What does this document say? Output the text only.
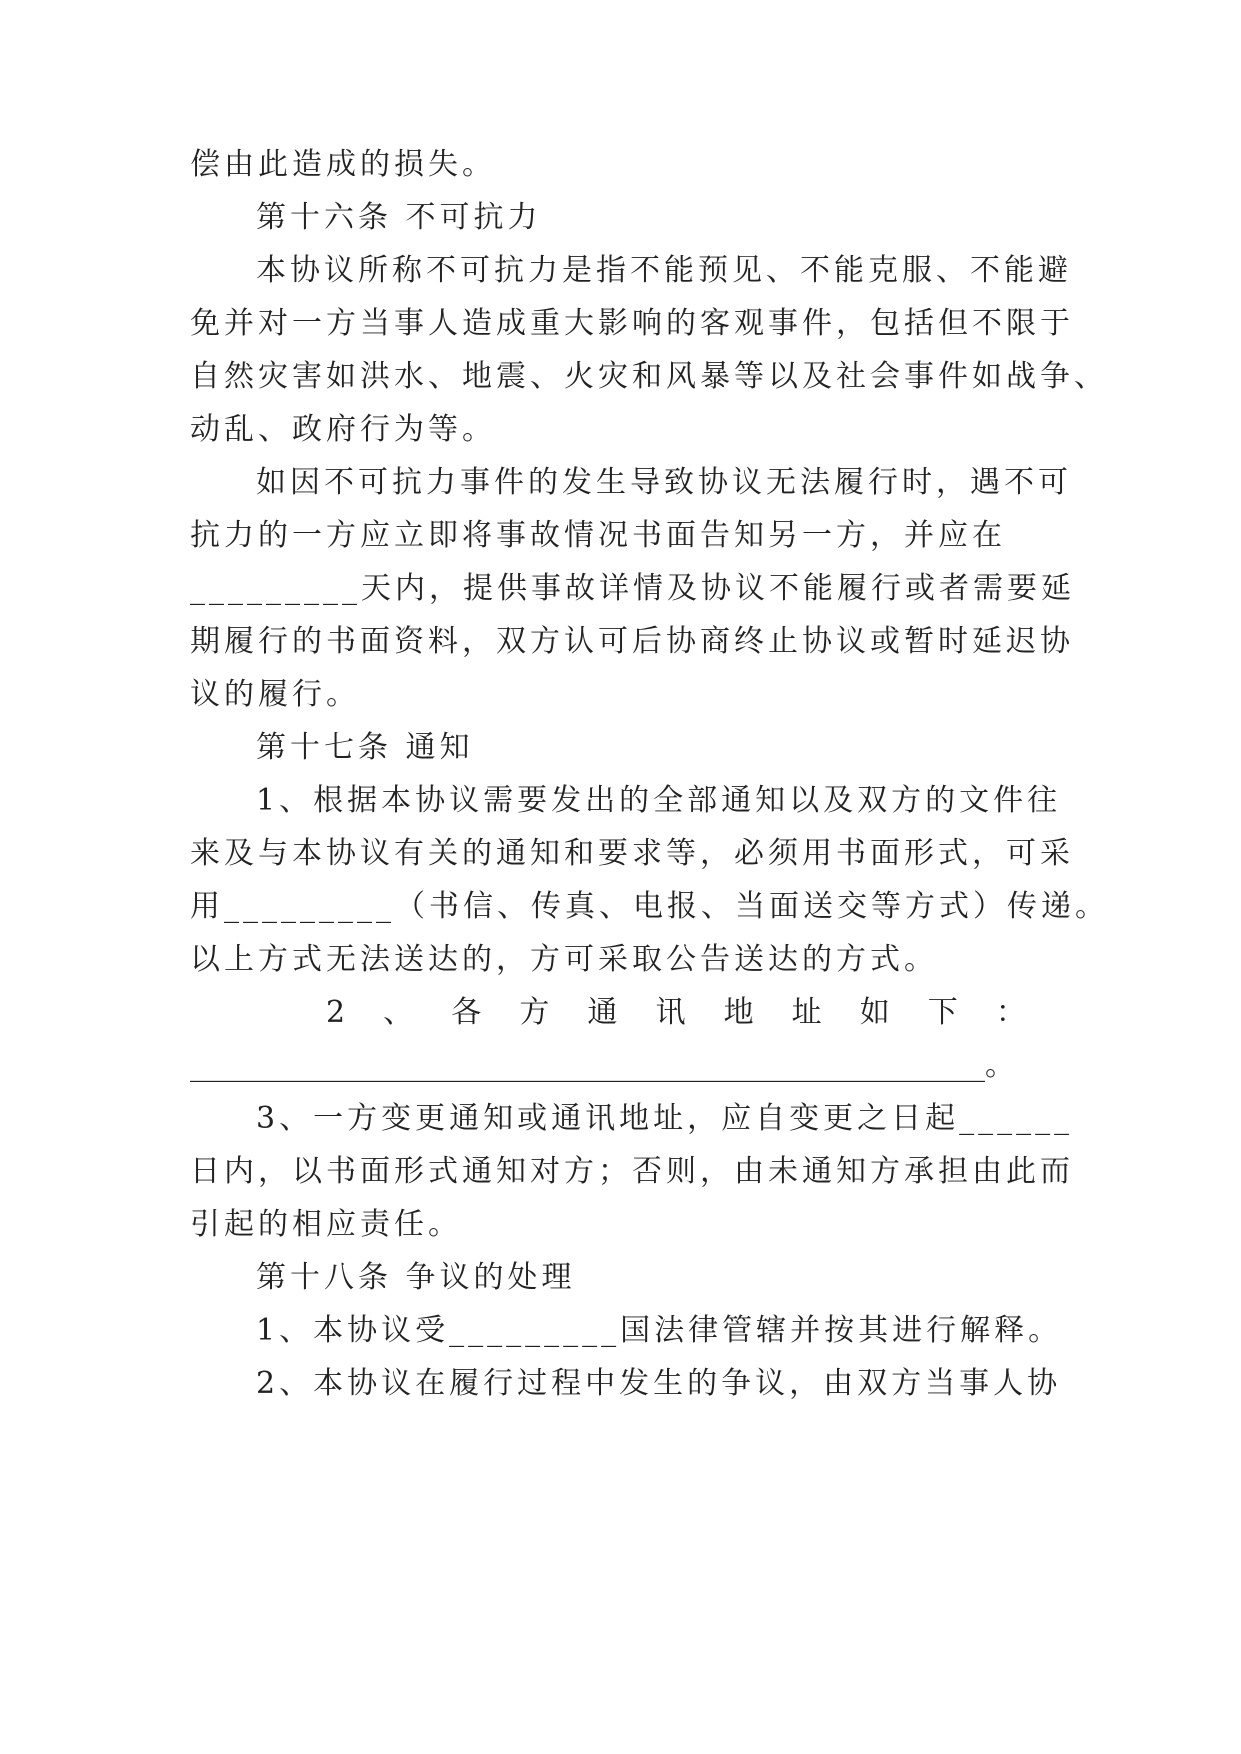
偿由此造成的损失。
第十六条 不可抗力
本协议所称不可抗力是指不能预见、不能克服、不能避
免并对一方当事人造成重大影响的客观事件，包括但不限于
自然灾害如洪水、地震、火灾和风暴等以及社会事件如战争、
动乱、政府行为等。
如因不可抗力事件的发生导致协议无法履行时，遇不可
抗力的一方应立即将事故情况书面告知另一方，并应在
_________天内，提供事故详情及协议不能履行或者需要延
期履行的书面资料，双方认可后协商终止协议或暂时延迟协
议的履行。
第十七条 通知
1、根据本协议需要发出的全部通知以及双方的文件往
来及与本协议有关的通知和要求等，必须用书面形式，可采
用_________（书信、传真、电报、当面送交等方式）传递。
以上方式无法送达的，方可采取公告送达的方式。
2 、 各 方 通 讯 地 址 如 下 ：
_____________________________________________________。
3、一方变更通知或通讯地址，应自变更之日起______
日内，以书面形式通知对方；否则，由未通知方承担由此而
引起的相应责任。
第十八条 争议的处理
1、本协议受_________国法律管辖并按其进行解释。
2、本协议在履行过程中发生的争议，由双方当事人协
